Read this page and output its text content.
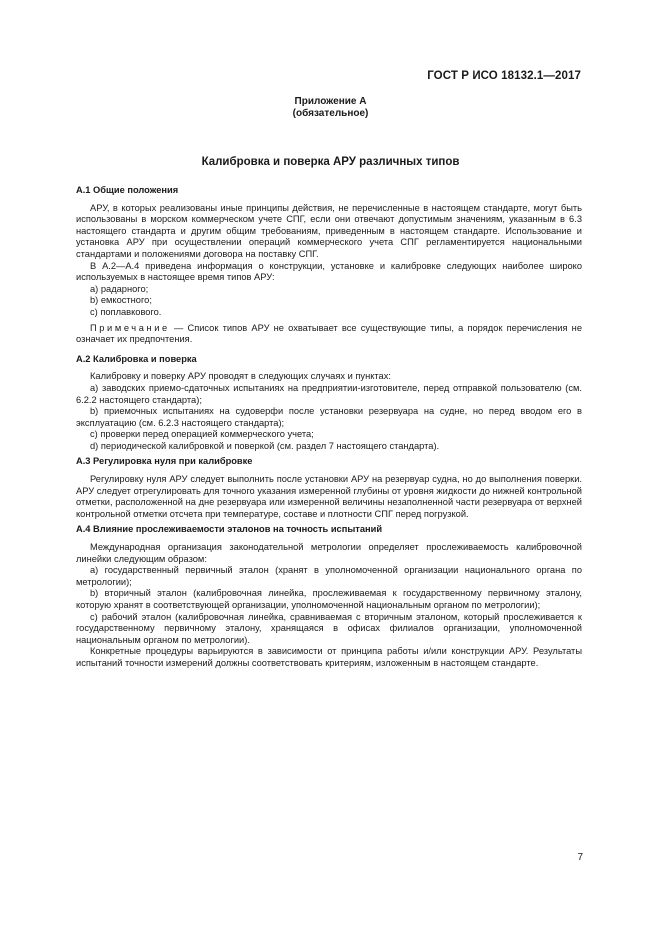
ГОСТ Р ИСО 18132.1—2017
Приложение А
(обязательное)
Калибровка и поверка АРУ различных типов
А.1 Общие положения

АРУ, в которых реализованы иные принципы действия, не перечисленные в настоящем стандарте, могут быть использованы в морском коммерческом учете СПГ, если они отвечают допустимым значениям, указанным в 6.3 настоящего стандарта и другим общим требованиям, приведенным в настоящем стандарте. Использование и установка АРУ при осуществлении операций коммерческого учета СПГ регламентируется национальными стандартами и положениями договора на поставку СПГ.

В А.2—А.4 приведена информация о конструкции, установке и калибровке следующих наиболее широко используемых в настоящее время типов АРУ:

а) радарного;

b) емкостного;

с) поплавкового.

Примечание — Список типов АРУ не охватывает все существующие типы, а порядок перечисления не означает их предпочтения.

А.2 Калибровка и поверка

Калибровку и поверку АРУ проводят в следующих случаях и пунктах:

а) заводских приемо-сдаточных испытаниях на предприятии-изготовителе, перед отправкой пользователю (см. 6.2.2 настоящего стандарта);

b) приемочных испытаниях на судоверфи после установки резервуара на судне, но перед вводом его в эксплуатацию (см. 6.2.3 настоящего стандарта);

с) проверки перед операцией коммерческого учета;

d) периодической калибровкой и поверкой (см. раздел 7 настоящего стандарта).

А.3 Регулировка нуля при калибровке

Регулировку нуля АРУ следует выполнить после установки АРУ на резервуар судна, но до выполнения поверки. АРУ следует отрегулировать для точного указания измеренной глубины от уровня жидкости до нижней контрольной отметки, расположенной на дне резервуара или измеренной величины незаполненной части резервуара от верхней контрольной отметки отсчета при температуре, составе и плотности СПГ перед погрузкой.

А.4 Влияние прослеживаемости эталонов на точность испытаний

Международная организация законодательной метрологии определяет прослеживаемость калибровочной линейки следующим образом:

а) государственный первичный эталон (хранят в уполномоченной организации национального органа по метрологии);

b) вторичный эталон (калибровочная линейка, прослеживаемая к государственному первичному эталону, которую хранят в соответствующей организации, уполномоченной национальным органом по метрологии);

с) рабочий эталон (калибровочная линейка, сравниваемая с вторичным эталоном, который прослеживается к государственному первичному эталону, хранящаяся в офисах филиалов организации, уполномоченной национальным органом по метрологии).

Конкретные процедуры варьируются в зависимости от принципа работы и/или конструкции АРУ. Результаты испытаний точности измерений должны соответствовать критериям, изложенным в настоящем стандарте.

7
